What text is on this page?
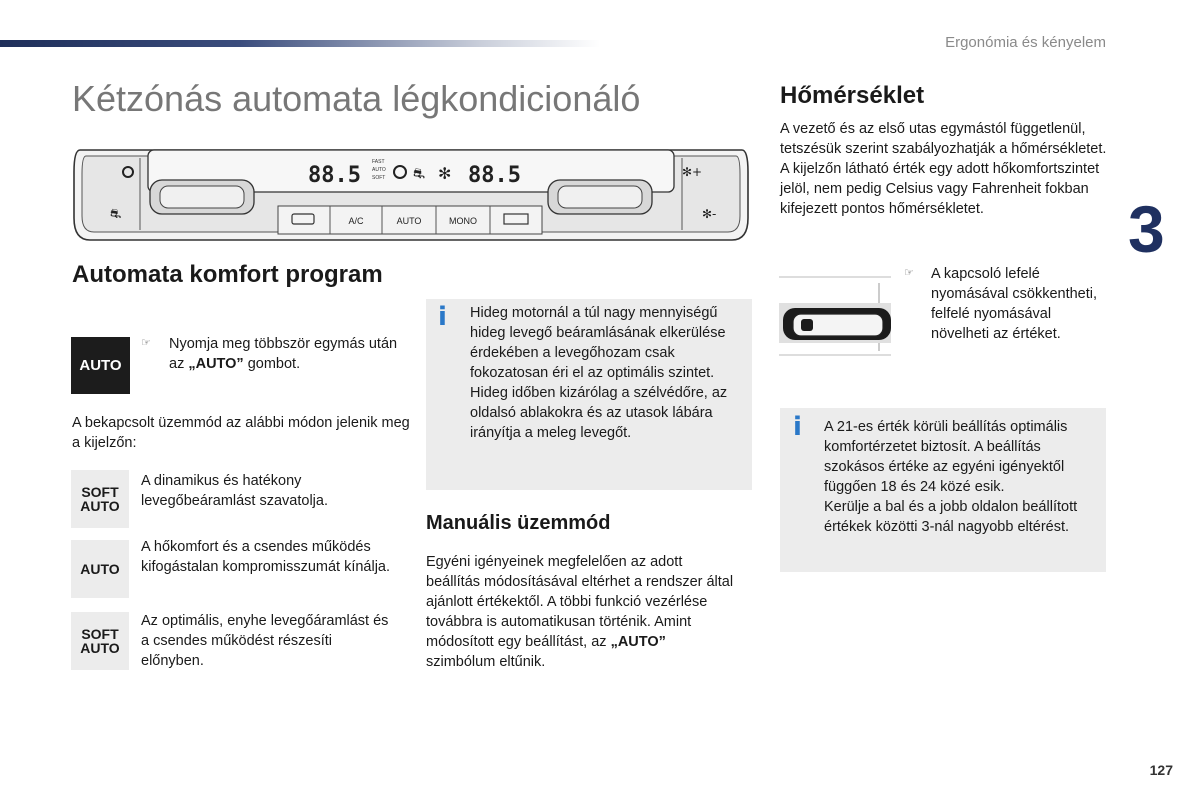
Ergonómia és kényelem
3
127
Kétzónás automata légkondicionáló
A/C	AUTO	MONO
88.5
FAST
AUTO
SOFT ⛐ ✻ 88.5
⛐
✻+
✻-
Automata komfort program
AUTO
☞ Nyomja meg többször egymás után az „AUTO” gombot.
A bekapcsolt üzemmód az alábbi módon jelenik meg a kijelzőn:
SOFT
AUTO
A dinamikus és hatékony levegőbeáramlást szavatolja.
AUTO
A hőkomfort és a csendes működés kifogástalan kompromisszumát kínálja.
SOFT
AUTO
Az optimális, enyhe levegőáramlást és a csendes működést részesíti előnyben.
i Hideg motornál a túl nagy mennyiségű hideg levegő beáramlásának elkerülése érdekében a levegőhozam csak fokozatosan éri el az optimális szintet.
Hideg időben kizárólag a szélvédőre, az oldalsó ablakokra és az utasok lábára irányítja a meleg levegőt.
Manuális üzemmód
Egyéni igényeinek megfelelően az adott beállítás módosításával eltérhet a rendszer által ajánlott értékektől. A többi funkció vezérlése továbbra is automatikusan történik. Amint módosított egy beállítást, az „AUTO” szimbólum eltűnik.
Hőmérséklet
A vezető és az első utas egymástól függetlenül, tetszésük szerint szabályozhatják a hőmérsékletet.
A kijelzőn látható érték egy adott hőkomfortszintet jelöl, nem pedig Celsius vagy Fahrenheit fokban kifejezett pontos hőmérsékletet.
☞ A kapcsoló lefelé nyomásával csökkentheti, felfelé nyomásával növelheti az értéket.
i A 21-es érték körüli beállítás optimális komfortérzetet biztosít. A beállítás szokásos értéke az egyéni igényektől függően 18 és 24 közé esik.
Kerülje a bal és a jobb oldalon beállított értékek közötti 3-nál nagyobb eltérést.
